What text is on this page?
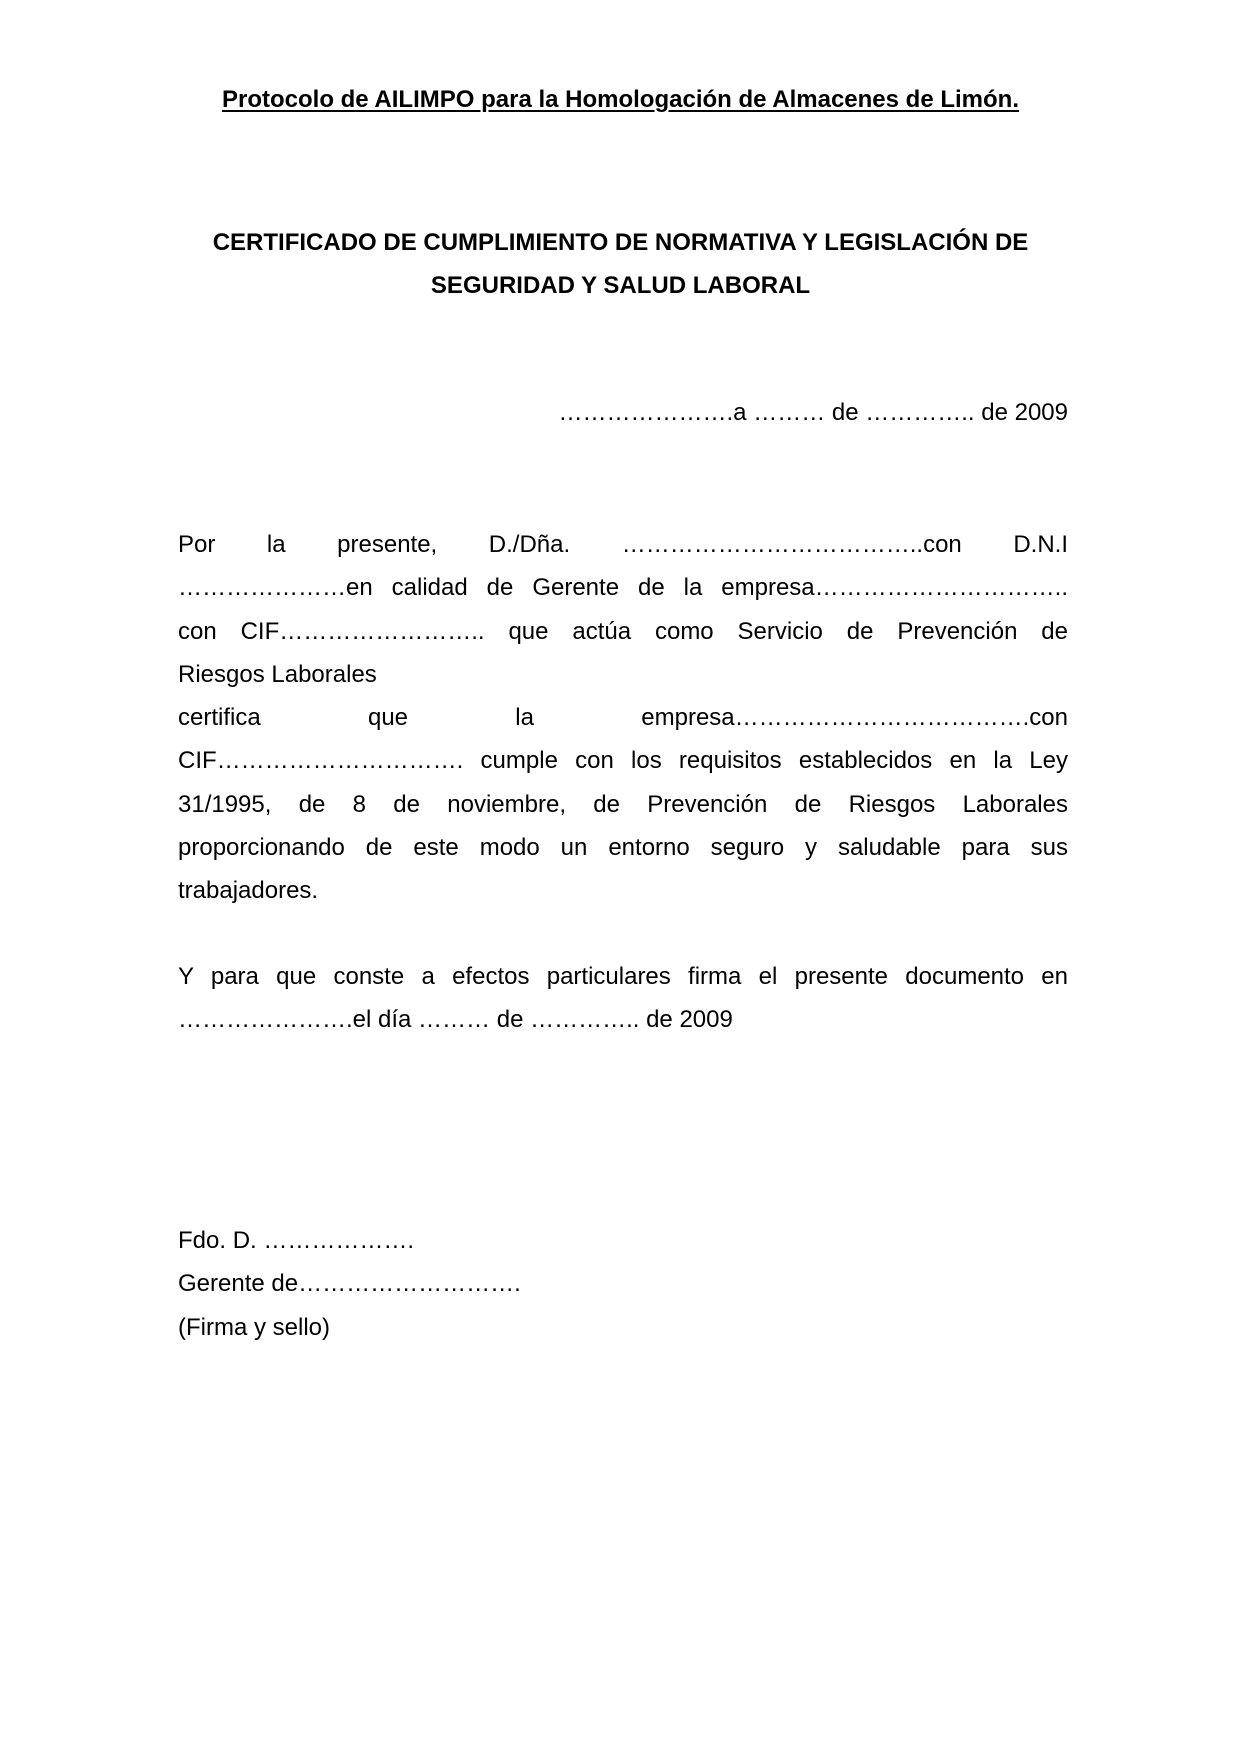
Protocolo de AILIMPO para la Homologación de Almacenes de Limón.
CERTIFICADO DE CUMPLIMIENTO DE NORMATIVA Y LEGISLACIÓN DE
SEGURIDAD Y SALUD LABORAL
………………….a ……… de ………….. de 2009
Por la presente, D./Dña. ………………………………..con D.N.I
…………………en calidad de Gerente de la empresa…………………………..
con CIF…………………….. que actúa como Servicio de Prevención de
Riesgos Laborales
certifica que la empresa……………………………….con
CIF…………………………. cumple con los requisitos establecidos en la Ley
31/1995, de 8 de noviembre, de Prevención de Riesgos Laborales
proporcionando de este modo un entorno seguro y saludable para sus
trabajadores.
Y para que conste a efectos particulares firma el presente documento en
………………….el día ……… de ………….. de 2009
Fdo. D. ……………….
Gerente de……………………….
(Firma y sello)
